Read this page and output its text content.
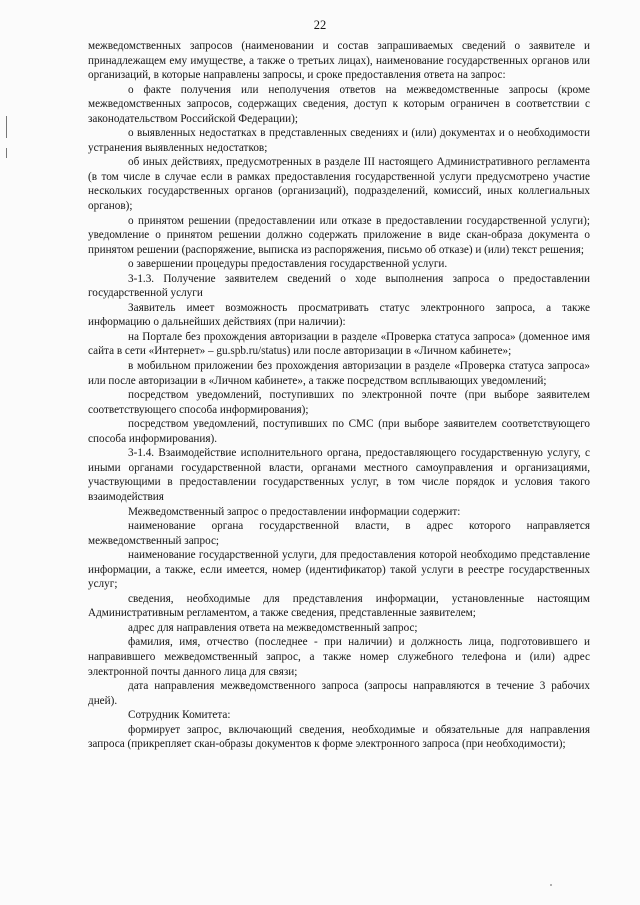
22

межведомственных запросов (наименовании и состав запрашиваемых сведений о заявителе и принадлежащем ему имуществе, а также о третьих лицах), наименование государственных органов или организаций, в которые направлены запросы, и сроке предоставления ответа на запрос:

о факте получения или неполучения ответов на межведомственные запросы (кроме межведомственных запросов, содержащих сведения, доступ к которым ограничен в соответствии с законодательством Российской Федерации);

о выявленных недостатках в представленных сведениях и (или) документах и о необходимости устранения выявленных недостатков;

об иных действиях, предусмотренных в разделе III настоящего Административного регламента (в том числе в случае если в рамках предоставления государственной услуги предусмотрено участие нескольких государственных органов (организаций), подразделений, комиссий, иных коллегиальных органов);

о принятом решении (предоставлении или отказе в предоставлении государственной услуги); уведомление о принятом решении должно содержать приложение в виде скан-образа документа о принятом решении (распоряжение, выписка из распоряжения, письмо об отказе) и (или) текст решения;

о завершении процедуры предоставления государственной услуги.

3-1.3. Получение заявителем сведений о ходе выполнения запроса о предоставлении государственной услуги

Заявитель имеет возможность просматривать статус электронного запроса, а также информацию о дальнейших действиях (при наличии):

на Портале без прохождения авторизации в разделе «Проверка статуса запроса» (доменное имя сайта в сети «Интернет» – gu.spb.ru/status) или после авторизации в «Личном кабинете»;

в мобильном приложении без прохождения авторизации в разделе «Проверка статуса запроса» или после авторизации в «Личном кабинете», а также посредством всплывающих уведомлений;

посредством уведомлений, поступивших по электронной почте (при выборе заявителем соответствующего способа информирования);

посредством уведомлений, поступивших по СМС (при выборе заявителем соответствующего способа информирования).

3-1.4. Взаимодействие исполнительного органа, предоставляющего государственную услугу, с иными органами государственной власти, органами местного самоуправления и организациями, участвующими в предоставлении государственных услуг, в том числе порядок и условия такого взаимодействия

Межведомственный запрос о предоставлении информации содержит:

наименование органа государственной власти, в адрес которого направляется межведомственный запрос;

наименование государственной услуги, для предоставления которой необходимо представление информации, а также, если имеется, номер (идентификатор) такой услуги в реестре государственных услуг;

сведения, необходимые для представления информации, установленные настоящим Административным регламентом, а также сведения, представленные заявителем;

адрес для направления ответа на межведомственный запрос;

фамилия, имя, отчество (последнее - при наличии) и должность лица, подготовившего и направившего межведомственный запрос, а также номер служебного телефона и (или) адрес электронной почты данного лица для связи;

дата направления межведомственного запроса (запросы направляются в течение 3 рабочих дней).

Сотрудник Комитета:

формирует запрос, включающий сведения, необходимые и обязательные для направления запроса (прикрепляет скан-образы документов к форме электронного запроса (при необходимости);
